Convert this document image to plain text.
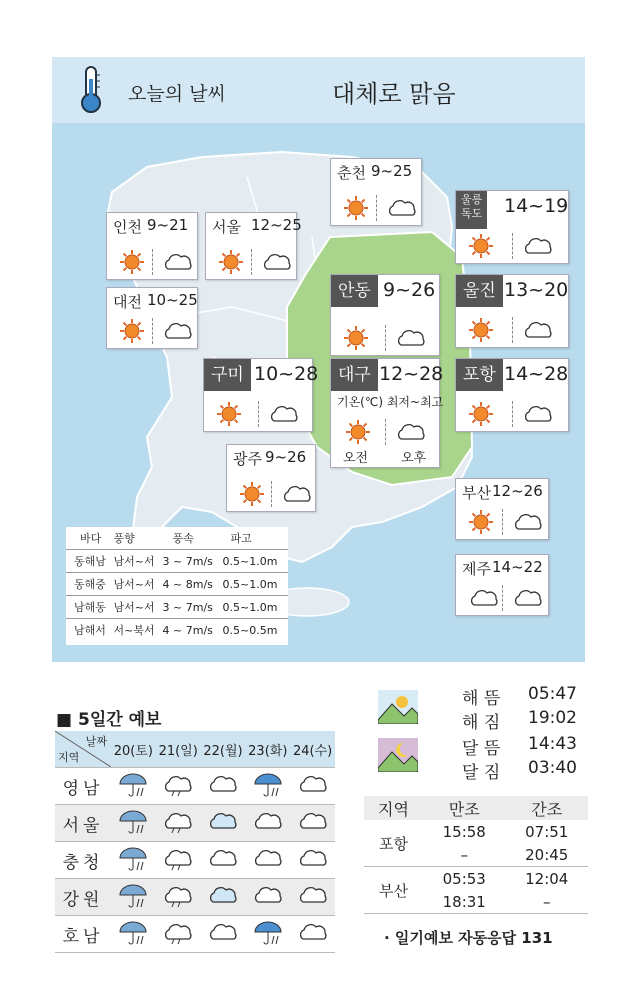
오늘의 날씨	대체로 맑음
춘천 9~25
인천 9~21 서울 12~25
울릉
독도 14~19
대전 10~25	안동 9~26	울진 13~20
구미 10~28	대구 12~28
기온(℃) 최저~최고
오전	오후
포항 14~28
광주 9~26
부산 12~26
제주 14~22
바다	풍향	풍속	파고
동해남	남서~서	3 ~ 7m/s	0.5~1.0m
동해중	남서~서	4 ~ 8m/s	0.5~1.0m
남해동	남서~서	3 ~ 7m/s	0.5~1.0m
남해서	서~북서	4 ~ 7m/s	0.5~0.5m
■ 5일간 예보
날짜
지역	20(토)	21(일)	22(월)	23(화)	24(수)
영남					
서울					
충청					
강원					
호남					
해 뜸 05:47
해 짐 19:02
달 뜸 14:43
달 짐 03:40
지역	만조	간조
포항	15:58	07:51
	–	20:45
부산	05:53	12:04
	18:31	–
· 일기예보 자동응답 131
